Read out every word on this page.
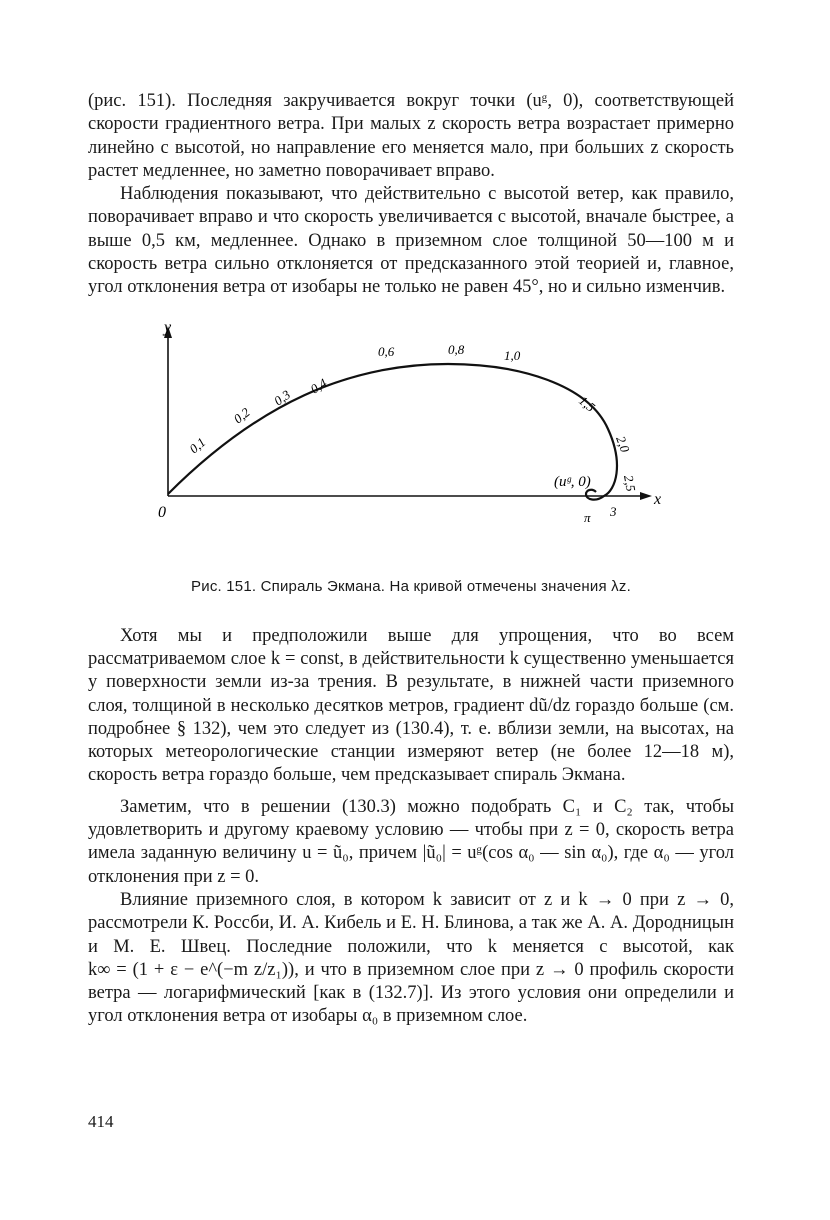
(рис. 151). Последняя закручивается вокруг точки (uᵍ, 0), соответствующей скорости градиентного ветра. При малых z скорость ветра возрастает примерно линейно с высотой, но направление его меняется мало, при больших z скорость растет медленнее, но заметно поворачивает вправо.

Наблюдения показывают, что действительно с высотой ветер, как правило, поворачивает вправо и что скорость увеличивается с высотой, вначале быстрее, а выше 0,5 км, медленнее. Однако в приземном слое толщиной 50—100 м и скорость ветра сильно отклоняется от предсказанного этой теорией и, главное, угол отклонения ветра от изобары не только не равен 45°, но и сильно изменчив.

y
x
0
(uᵍ, 0)
0,1
0,2
0,3
0,4
0,6	0,8	1,0
1,5
2,0
2,5
3
π
Рис. 151. Спираль Экмана. На кривой отмечены значения λz.

Хотя мы и предположили выше для упрощения, что во всем рассматриваемом слое k = const, в действительности k существенно уменьшается у поверхности земли из-за трения. В результате, в нижней части приземного слоя, толщиной в несколько десятков метров, градиент dũ/dz гораздо больше (см. подробнее § 132), чем это следует из (130.4), т. е. вблизи земли, на высотах, на которых метеорологические станции измеряют ветер (не более 12—18 м), скорость ветра гораздо больше, чем предсказывает спираль Экмана.

Заметим, что в решении (130.3) можно подобрать C₁ и C₂ так, чтобы удовлетворить и другому краевому условию — чтобы при z = 0, скорость ветра имела заданную величину u = ũ₀, причем |ũ₀| = uᵍ(cos α₀ — sin α₀), где α₀ — угол отклонения при z = 0.

Влияние приземного слоя, в котором k зависит от z и k → 0 при z → 0, рассмотрели К. Россби, И. А. Кибель и Е. Н. Блинова, а так же А. А. Дородницын и М. Е. Швец. Последние положили, что k меняется с высотой, как k∞ = (1 + ε − e^(−m z/z₁)), и что в приземном слое при z → 0 профиль скорости ветра — логарифмический [как в (132.7)]. Из этого условия они определили и угол отклонения ветра от изобары α₀ в приземном слое.

414
